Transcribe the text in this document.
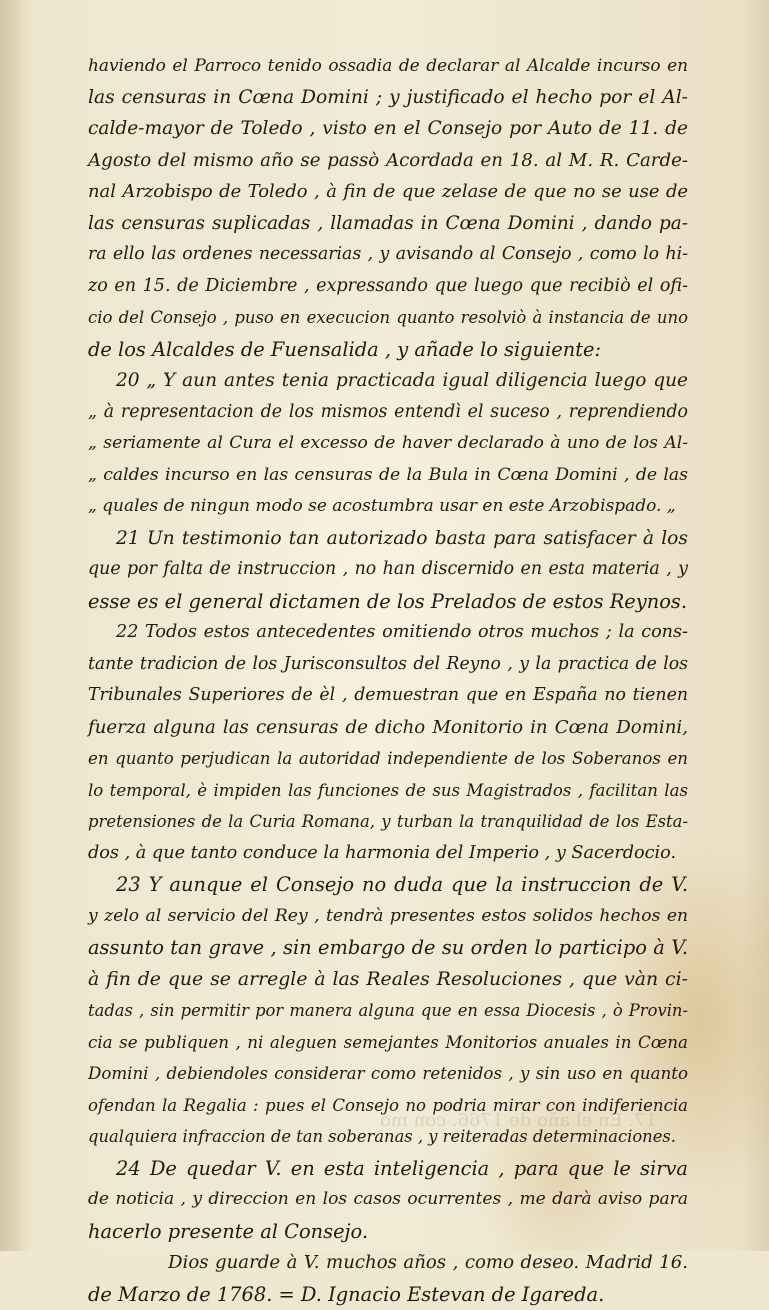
17. En el año de 1766. con mo
haviendo el Parroco tenido ossadia de declarar al Alcalde incurso en
las censuras in Cœna Domini ; y justificado el hecho por el Al-
calde-mayor de Toledo , visto en el Consejo por Auto de 11. de
Agosto del mismo año se passò Acordada en 18. al M. R. Carde-
nal Arzobispo de Toledo , à fin de que zelase de que no se use de
las censuras suplicadas , llamadas in Cœna Domini , dando pa-
ra ello las ordenes necessarias , y avisando al Consejo , como lo hi-
zo en 15. de Diciembre , expressando que luego que recibiò el ofi-
cio del Consejo , puso en execucion quanto resolviò à instancia de uno
de los Alcaldes de Fuensalida , y añade lo siguiente:
20 „ Y aun antes tenia practicada igual diligencia luego que
„ à representacion de los mismos entendì el suceso , reprendiendo
„ seriamente al Cura el excesso de haver declarado à uno de los Al-
„ caldes incurso en las censuras de la Bula in Cœna Domini , de las
„ quales de ningun modo se acostumbra usar en este Arzobispado. „
21 Un testimonio tan autorizado basta para satisfacer à los
que por falta de instruccion , no han discernido en esta materia , y
esse es el general dictamen de los Prelados de estos Reynos.
22 Todos estos antecedentes omitiendo otros muchos ; la cons-
tante tradicion de los Jurisconsultos del Reyno , y la practica de los
Tribunales Superiores de èl , demuestran que en España no tienen
fuerza alguna las censuras de dicho Monitorio in Cœna Domini,
en quanto perjudican la autoridad independiente de los Soberanos en
lo temporal, è impiden las funciones de sus Magistrados , facilitan las
pretensiones de la Curia Romana, y turban la tranquilidad de los Esta-
dos , à que tanto conduce la harmonia del Imperio , y Sacerdocio.
23 Y aunque el Consejo no duda que la instruccion de V.
y zelo al servicio del Rey , tendrà presentes estos solidos hechos en
assunto tan grave , sin embargo de su orden lo participo à V.
à fin de que se arregle à las Reales Resoluciones , que vàn ci-
tadas , sin permitir por manera alguna que en essa Diocesis , ò Provin-
cia se publiquen , ni aleguen semejantes Monitorios anuales in Cœna
Domini , debiendoles considerar como retenidos , y sin uso en quanto
ofendan la Regalia : pues el Consejo no podria mirar con indiferiencia
qualquiera infraccion de tan soberanas , y reiteradas determinaciones.
24 De quedar V. en esta inteligencia , para que le sirva
de noticia , y direccion en los casos ocurrentes , me darà aviso para
hacerlo presente al Consejo.
Dios guarde à V. muchos años , como deseo. Madrid 16.
de Marzo de 1768. = D. Ignacio Estevan de Igareda.
